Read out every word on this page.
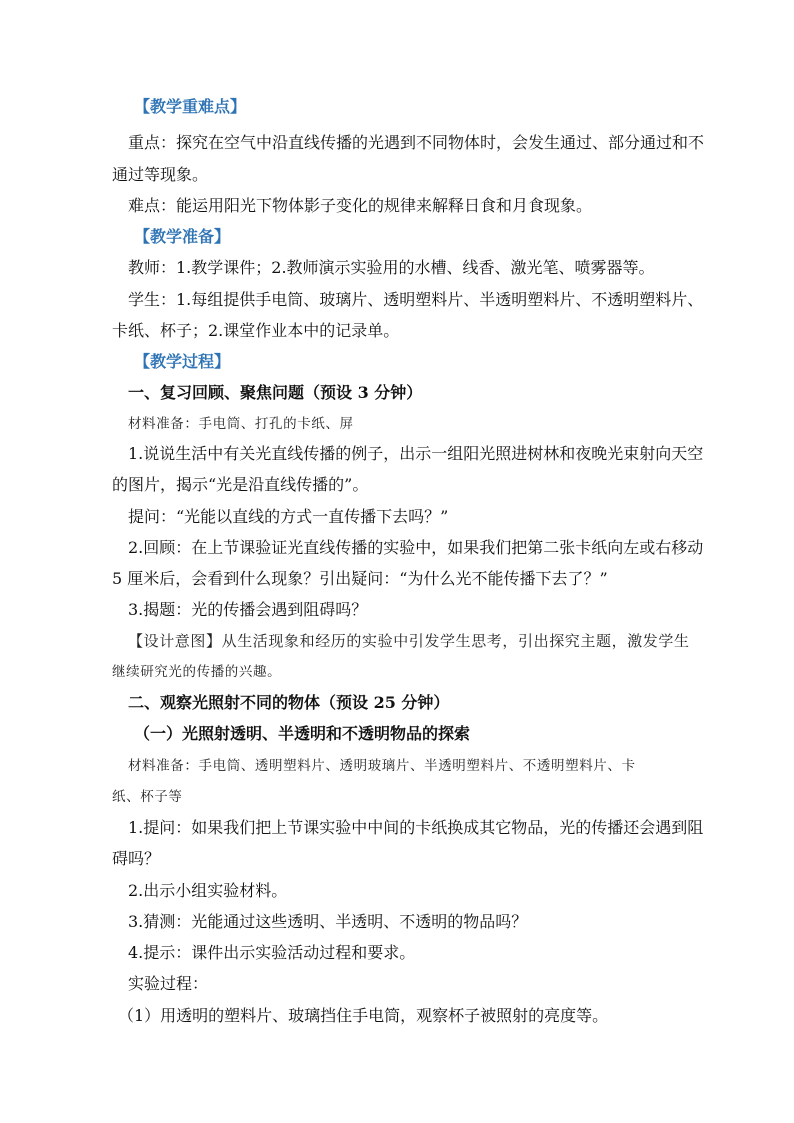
【教学重难点】
重点：探究在空气中沿直线传播的光遇到不同物体时，会发生通过、部分通过和不
通过等现象。
难点：能运用阳光下物体影子变化的规律来解释日食和月食现象。
【教学准备】
教师：1.教学课件；2.教师演示实验用的水槽、线香、激光笔、喷雾器等。
学生：1.每组提供手电筒、玻璃片、透明塑料片、半透明塑料片、不透明塑料片、
卡纸、杯子；2.课堂作业本中的记录单。
【教学过程】
一、复习回顾、聚焦问题（预设 3 分钟）
材料准备：手电筒、打孔的卡纸、屏
1.说说生活中有关光直线传播的例子，出示一组阳光照进树林和夜晚光束射向天空
的图片，揭示“光是沿直线传播的”。
提问：“光能以直线的方式一直传播下去吗？”
2.回顾：在上节课验证光直线传播的实验中，如果我们把第二张卡纸向左或右移动
5 厘米后，会看到什么现象？引出疑问：“为什么光不能传播下去了？”
3.揭题：光的传播会遇到阻碍吗？
【设计意图】从生活现象和经历的实验中引发学生思考，引出探究主题，激发学生
继续研究光的传播的兴趣。
二、观察光照射不同的物体（预设 25 分钟）
（一）光照射透明、半透明和不透明物品的探索
材料准备：手电筒、透明塑料片、透明玻璃片、半透明塑料片、不透明塑料片、卡
纸、杯子等
1.提问：如果我们把上节课实验中中间的卡纸换成其它物品，光的传播还会遇到阻
碍吗？
2.出示小组实验材料。
3.猜测：光能通过这些透明、半透明、不透明的物品吗？
4.提示：课件出示实验活动过程和要求。
实验过程：
（1）用透明的塑料片、玻璃挡住手电筒，观察杯子被照射的亮度等。
